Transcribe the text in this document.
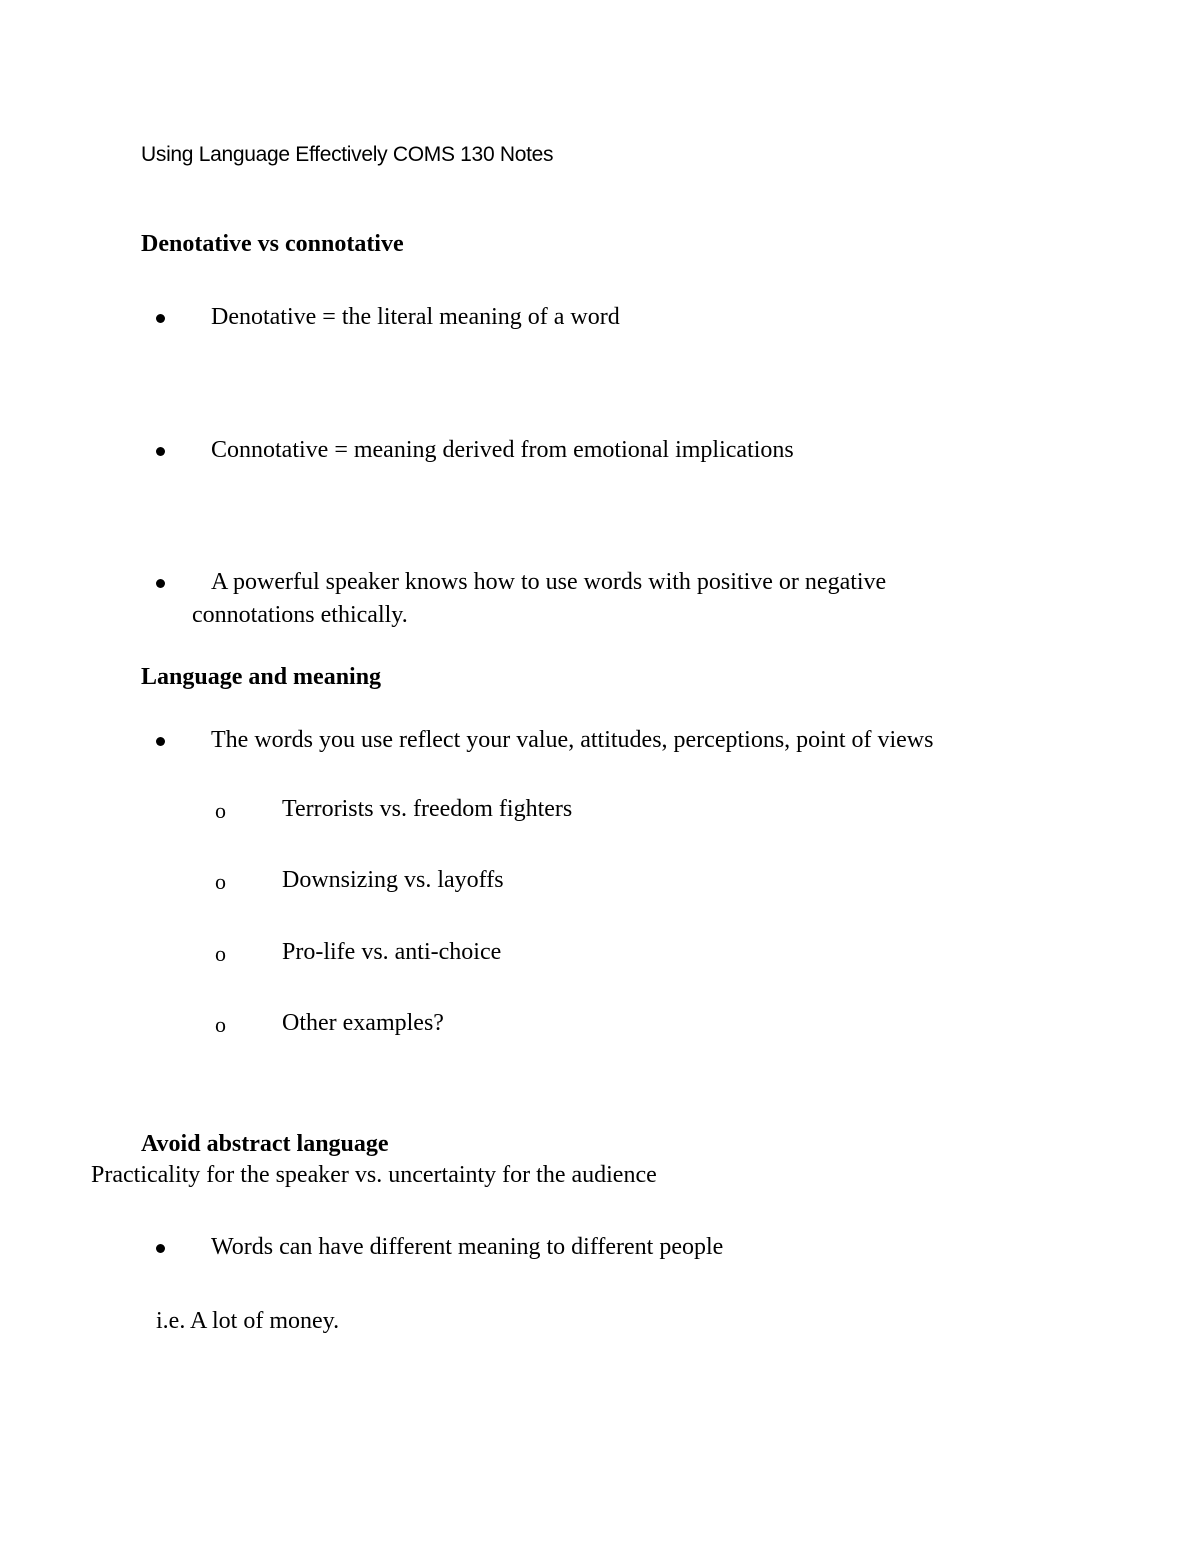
Using Language Effectively COMS 130 Notes
Denotative vs connotative
Denotative = the literal meaning of a word
Connotative = meaning derived from emotional implications
A powerful speaker knows how to use words with positive or negative
connotations ethically.
Language and meaning
The words you use reflect your value, attitudes, perceptions, point of views
o Terrorists vs. freedom fighters
o Downsizing vs. layoffs
o Pro-life vs. anti-choice
o Other examples?
Avoid abstract language
Practicality for the speaker vs. uncertainty for the audience
Words can have different meaning to different people
i.e. A lot of money.
